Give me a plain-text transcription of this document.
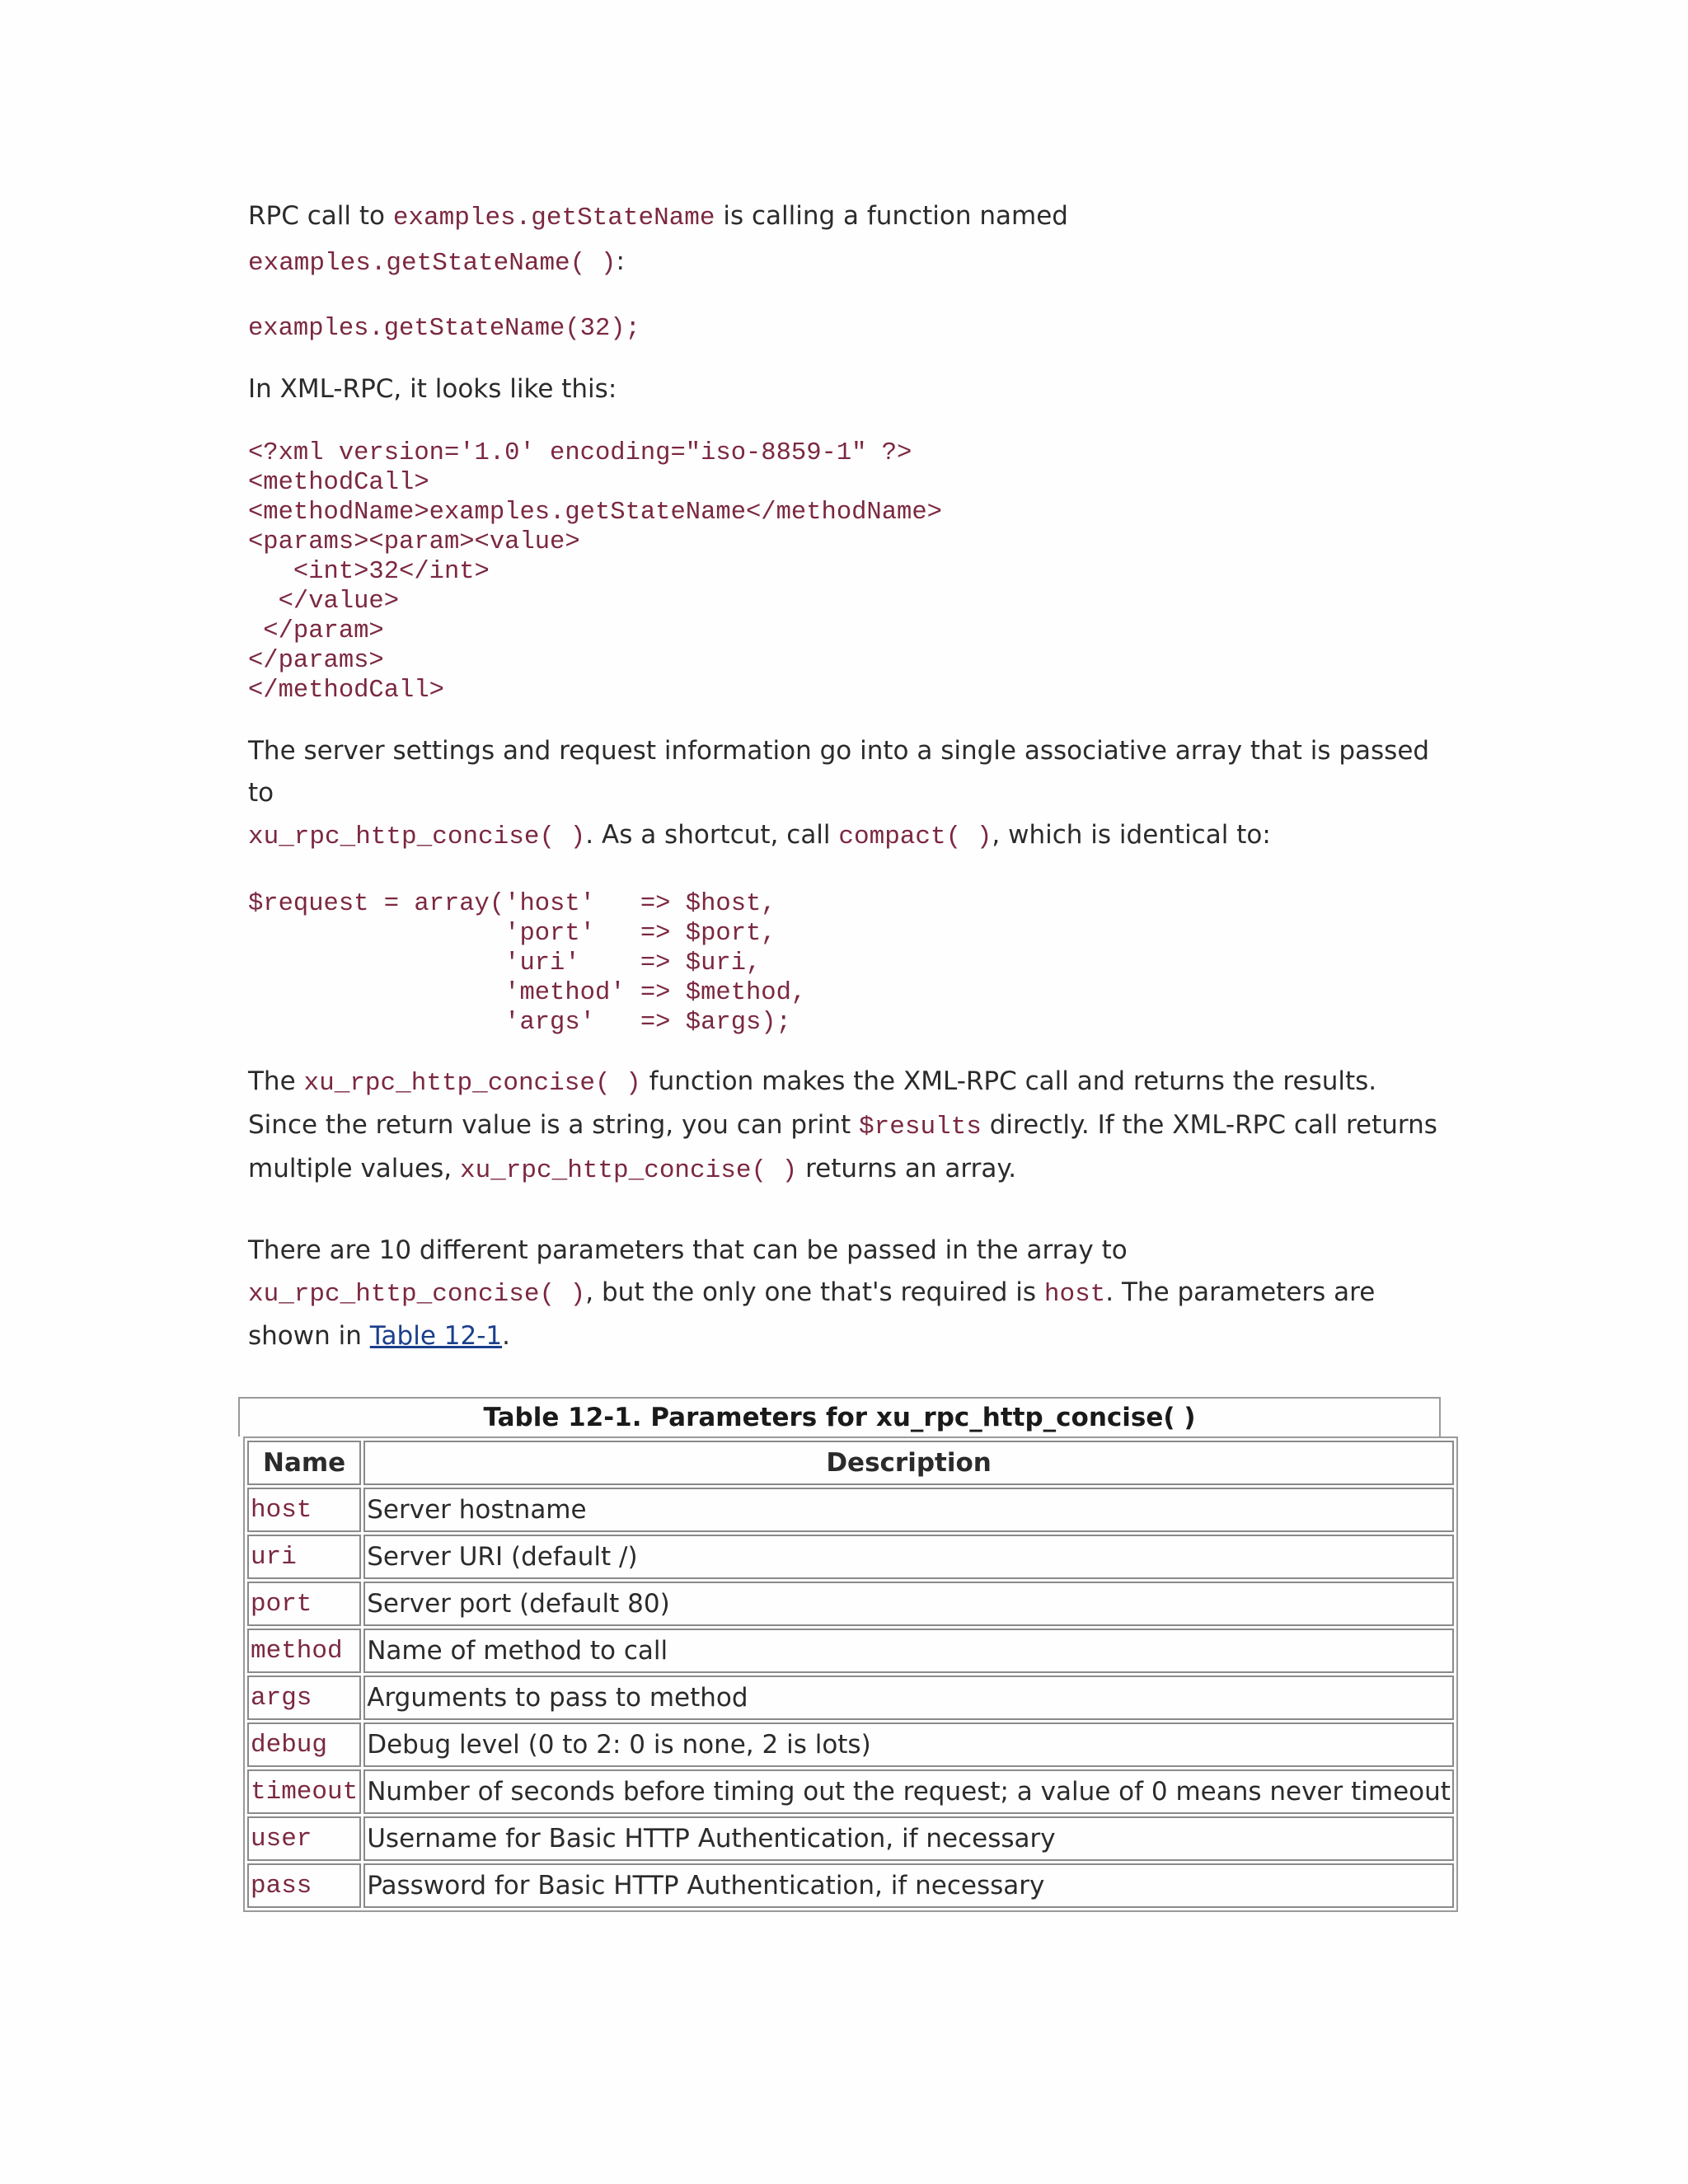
RPC call to examples.getStateName is calling a function named
examples.getStateName( ):

examples.getStateName(32);

In XML-RPC, it looks like this:

<?xml version='1.0' encoding="iso-8859-1" ?>
<methodCall>
<methodName>examples.getStateName</methodName>
<params><param><value>
<int>32</int>
</value>
</param>
</params>
</methodCall>

The server settings and request information go into a single associative array that is passed to
xu_rpc_http_concise( ). As a shortcut, call compact( ), which is identical to:

$request = array('host'   => $host,
'port'   => $port,
'uri'    => $uri,
'method' => $method,
'args'   => $args);

The xu_rpc_http_concise( ) function makes the XML-RPC call and returns the results.
Since the return value is a string, you can print $results directly. If the XML-RPC call returns
multiple values, xu_rpc_http_concise( ) returns an array.

There are 10 different parameters that can be passed in the array to
xu_rpc_http_concise( ), but the only one that's required is host. The parameters are
shown in Table 12-1.

Table 12-1. Parameters for xu_rpc_http_concise( )
Name	Description
host	Server hostname
uri	Server URI (default /)
port	Server port (default 80)
method	Name of method to call
args	Arguments to pass to method
debug	Debug level (0 to 2: 0 is none, 2 is lots)
timeout	Number of seconds before timing out the request; a value of 0 means never timeout
user	Username for Basic HTTP Authentication, if necessary
pass	Password for Basic HTTP Authentication, if necessary
